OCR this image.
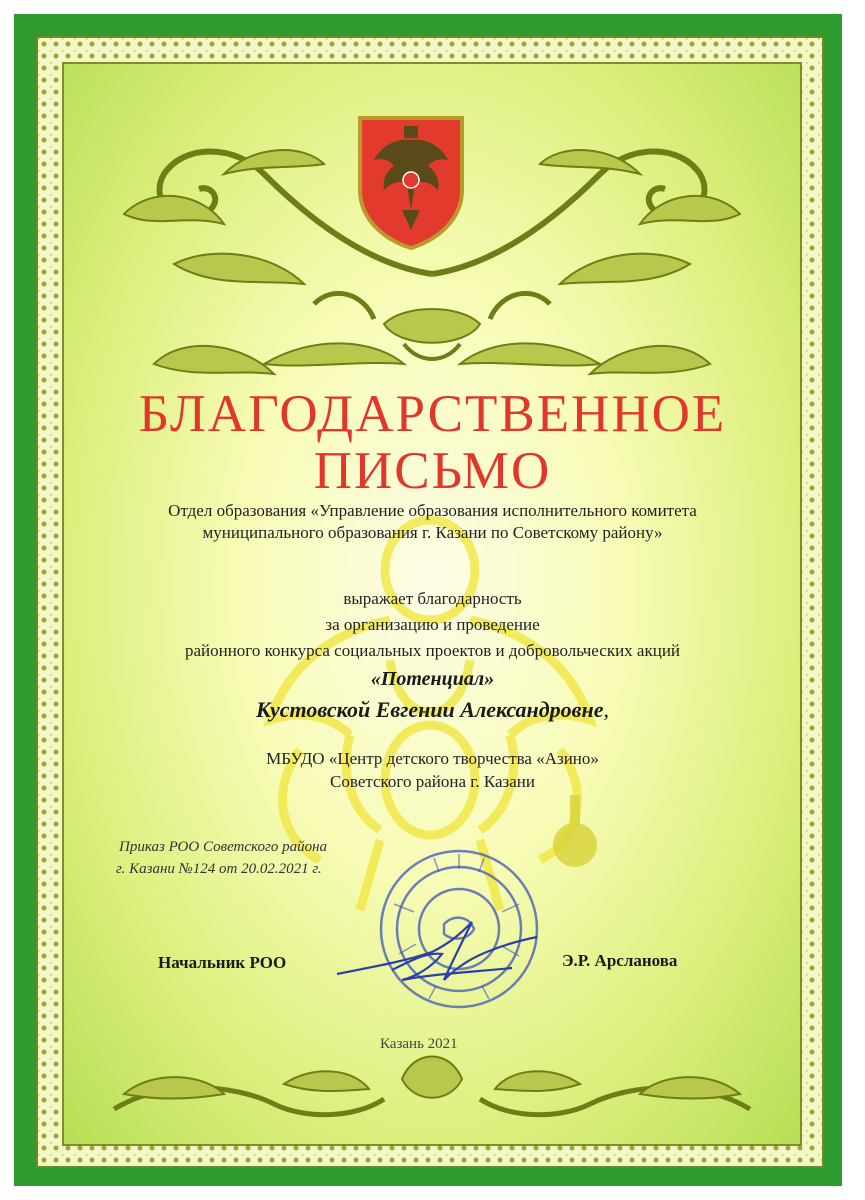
БЛАГОДАРСТВЕННОЕ
ПИСЬМО
Отдел образования «Управление образования исполнительного комитета
муниципального образования г. Казани по Советскому району»
выражает благодарность
за организацию и проведение
районного конкурса социальных проектов и добровольческих акций
«Потенциал»
Кустовской Евгении Александровне,
МБУДО «Центр детского творчества «Азино»
Советского района г. Казани
Приказ РОО Советского района
г. Казани №124 от 20.02.2021 г.
Начальник РОО	Э.Р. Арсланова
Казань 2021
